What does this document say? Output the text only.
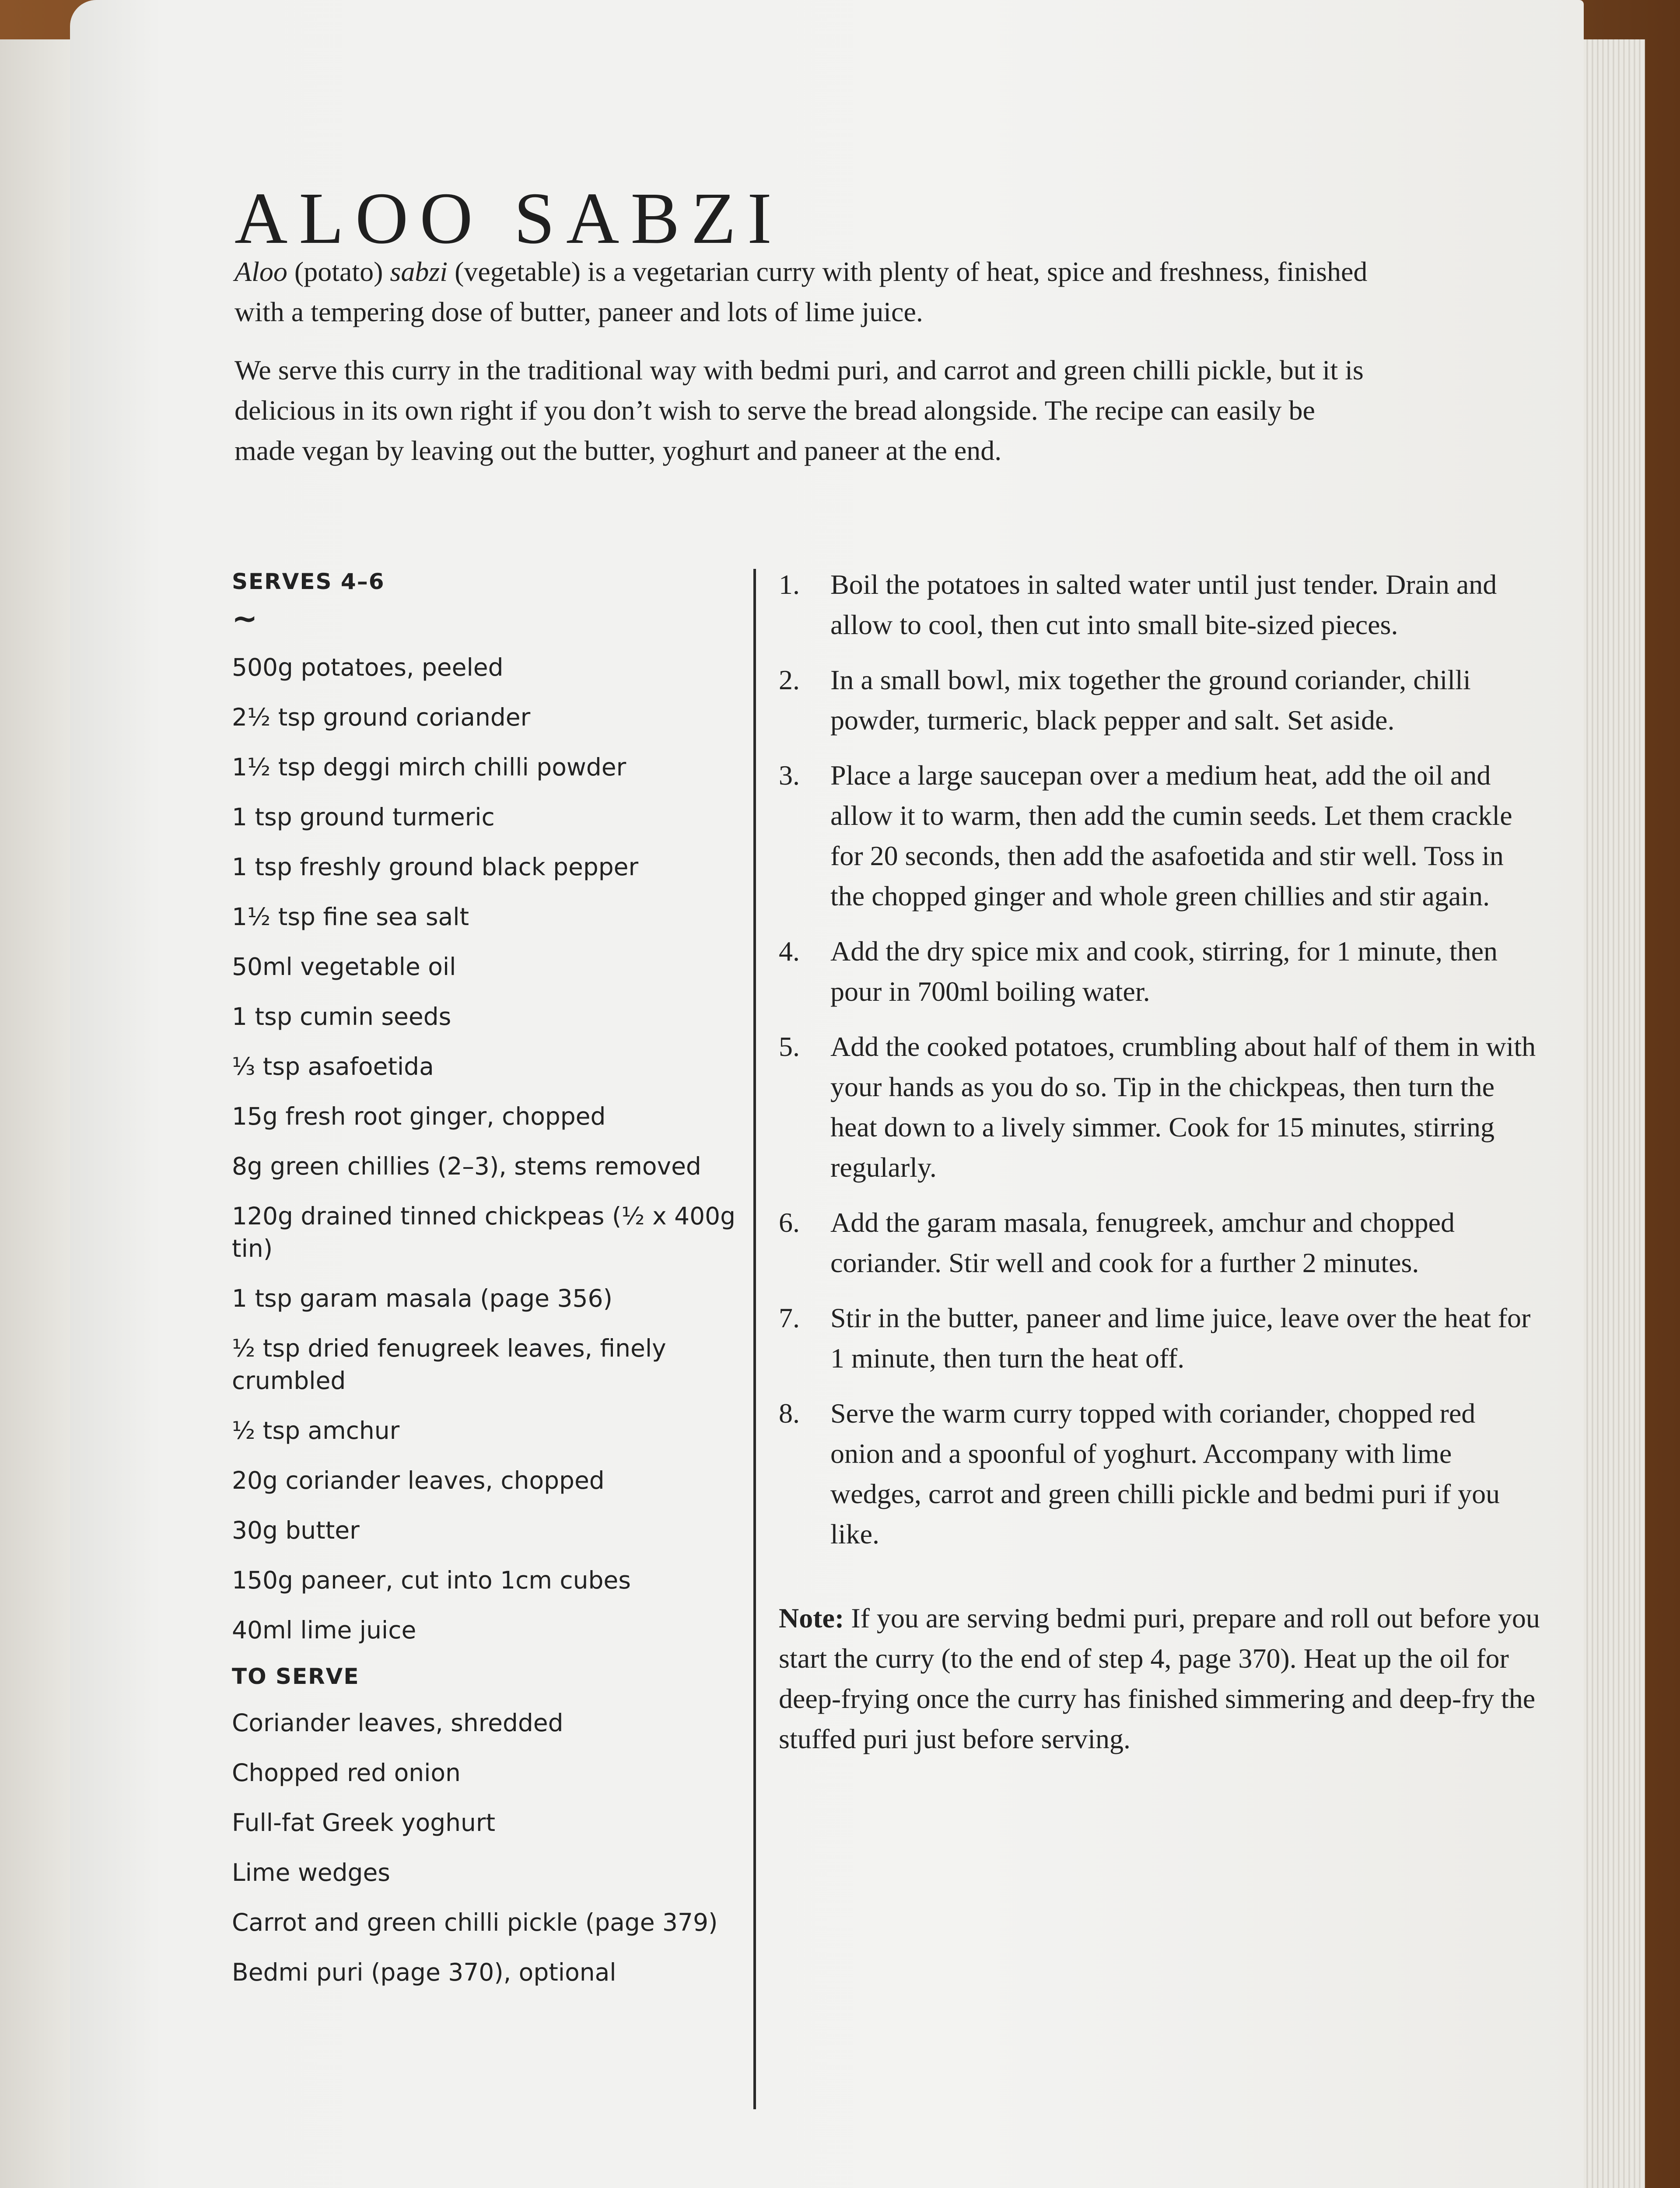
ALOO SABZI

Aloo (potato) sabzi (vegetable) is a vegetarian curry with plenty of heat, spice and freshness, finished with a tempering dose of butter, paneer and lots of lime juice.

We serve this curry in the traditional way with bedmi puri, and carrot and green chilli pickle, but it is delicious in its own right if you don’t wish to serve the bread alongside. The recipe can easily be made vegan by leaving out the butter, yoghurt and paneer at the end.

SERVES 4–6

~
500g potatoes, peeled
2½ tsp ground coriander
1½ tsp deggi mirch chilli powder
1 tsp ground turmeric
1 tsp freshly ground black pepper
1½ tsp fine sea salt
50ml vegetable oil
1 tsp cumin seeds
⅓ tsp asafoetida
15g fresh root ginger, chopped
8g green chillies (2–3), stems removed
120g drained tinned chickpeas (½ x 400g tin)
1 tsp garam masala (page 356)
½ tsp dried fenugreek leaves, finely crumbled
½ tsp amchur
20g coriander leaves, chopped
30g butter
150g paneer, cut into 1cm cubes
40ml lime juice

TO SERVE

Coriander leaves, shredded
Chopped red onion
Full-fat Greek yoghurt
Lime wedges
Carrot and green chilli pickle (page 379)
Bedmi puri (page 370), optional
1. Boil the potatoes in salted water until just tender. Drain and allow to cool, then cut into small bite-sized pieces.
2. In a small bowl, mix together the ground coriander, chilli powder, turmeric, black pepper and salt. Set aside.
3. Place a large saucepan over a medium heat, add the oil and allow it to warm, then add the cumin seeds. Let them crackle for 20 seconds, then add the asafoetida and stir well. Toss in the chopped ginger and whole green chillies and stir again.
4. Add the dry spice mix and cook, stirring, for 1 minute, then pour in 700ml boiling water.
5. Add the cooked potatoes, crumbling about half of them in with your hands as you do so. Tip in the chickpeas, then turn the heat down to a lively simmer. Cook for 15 minutes, stirring regularly.
6. Add the garam masala, fenugreek, amchur and chopped coriander. Stir well and cook for a further 2 minutes.
7. Stir in the butter, paneer and lime juice, leave over the heat for 1 minute, then turn the heat off.
8. Serve the warm curry topped with coriander, chopped red onion and a spoonful of yoghurt. Accompany with lime wedges, carrot and green chilli pickle and bedmi puri if you like.

Note: If you are serving bedmi puri, prepare and roll out before you start the curry (to the end of step 4, page 370). Heat up the oil for deep-frying once the curry has finished simmering and deep-fry the stuffed puri just before serving.
